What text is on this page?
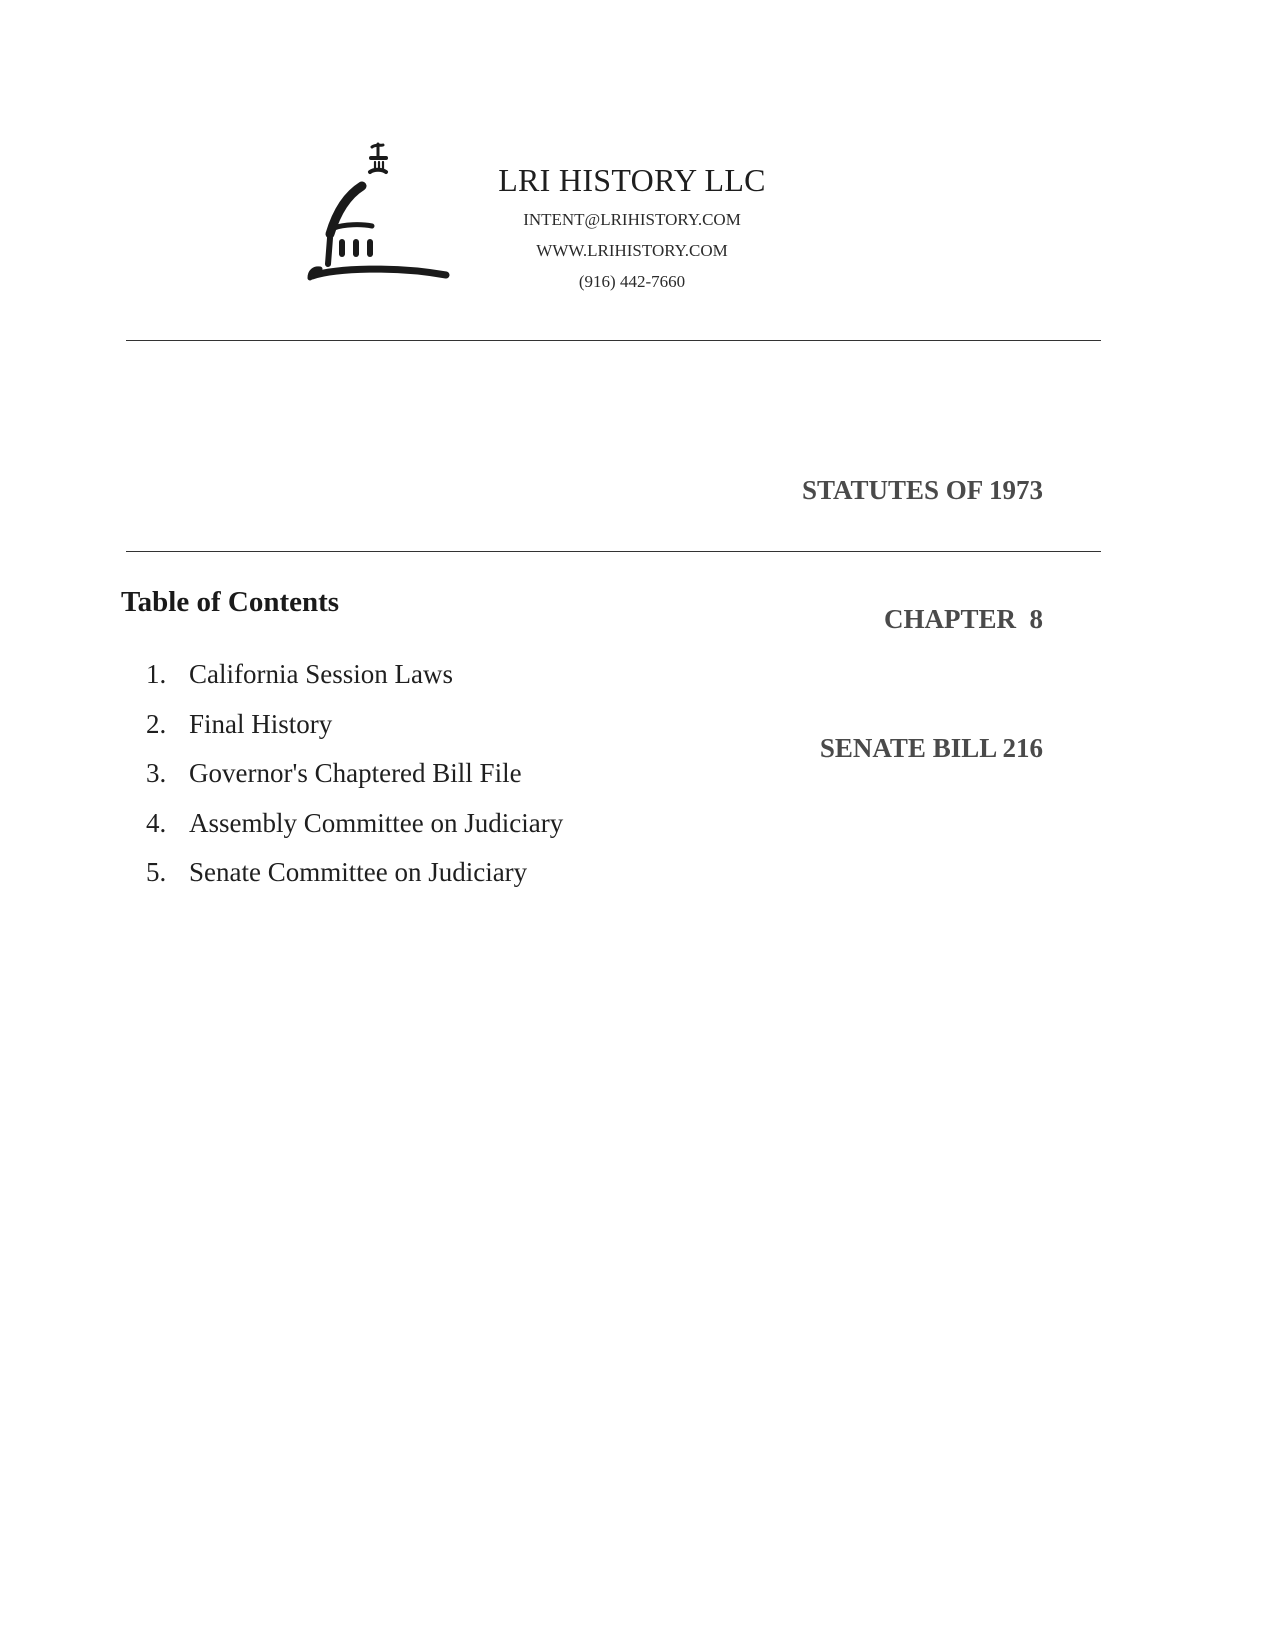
LRI HISTORY LLC
INTENT@LRIHISTORY.COM
WWW.LRIHISTORY.COM
(916) 442-7660

STATUTES OF 1973

CHAPTER  8

SENATE BILL 216

Table of Contents
1. California Session Laws
2. Final History
3. Governor's Chaptered Bill File
4. Assembly Committee on Judiciary
5. Senate Committee on Judiciary
